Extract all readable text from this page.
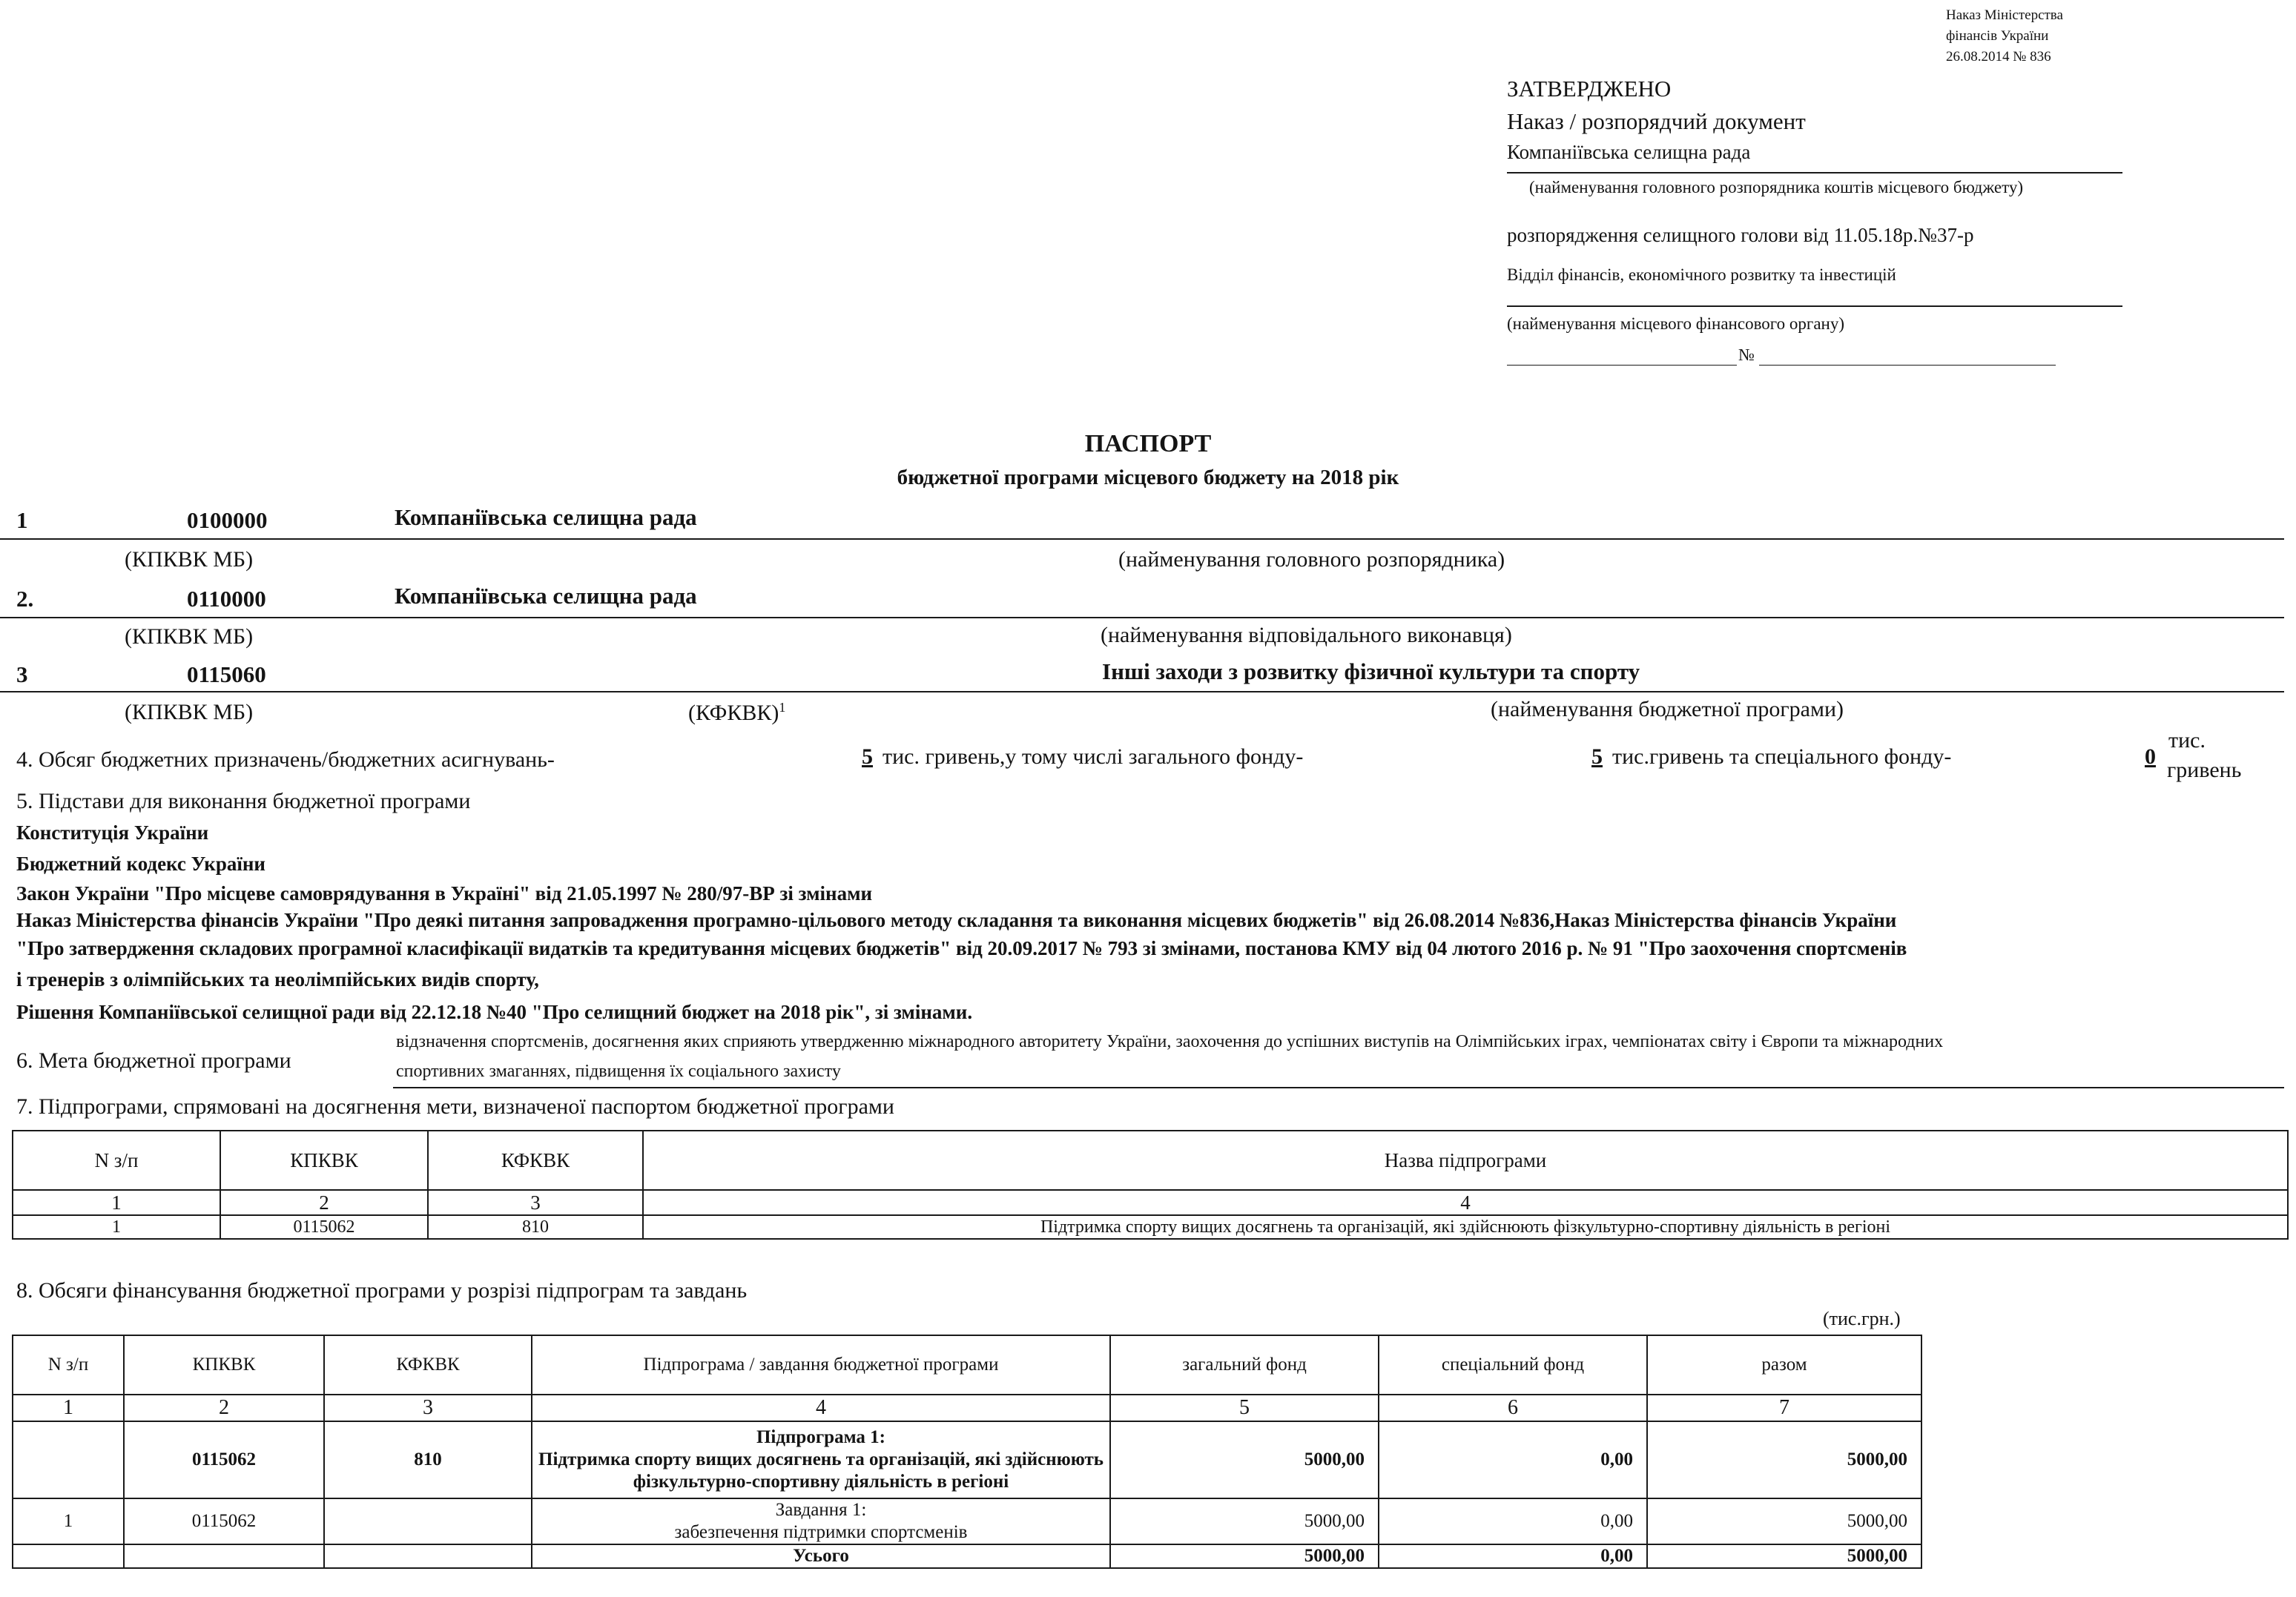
Наказ Міністерства
фінансів України
26.08.2014 № 836
ЗАТВЕРДЖЕНО
Наказ / розпорядчий документ
Компаніївська селищна рада
(найменування головного розпорядника коштів місцевого бюджету)
розпорядження селищного голови від 11.05.18р.№37-р
Відділ фінансів, економічного розвитку та інвестицій
(найменування місцевого фінансового органу)
№
ПАСПОРТ
бюджетної програми місцевого бюджету на 2018 рік
1	0100000	Компаніївська селищна рада
(КПКВК МБ)	(найменування головного розпорядника)
2.	0110000	Компаніївська селищна рада
(КПКВК МБ)	(найменування відповідального виконавця)
3	0115060	Інші заходи з розвитку фізичної культури та спорту
(КПКВК МБ)	(КФКВК)$^1$	(найменування бюджетної програми)
4. Обсяг бюджетних призначень/бюджетних асигнувань-	5 тис. гривень,у тому числі загального фонду-	5 тис.гривень та спеціального фонду-	0
тис.
гривень
5. Підстави для виконання бюджетної програми
Конституція України
Бюджетний кодекс України
Закон України "Про місцеве самоврядування в Україні" від 21.05.1997 № 280/97-ВР зі змінами
Наказ Міністерства фінансів України "Про деякі питання запровадження програмно-цільового методу складання та виконання місцевих бюджетів" від 26.08.2014 №836,Наказ Міністерства фінансів України
"Про затвердження складових програмної класифікації видатків та кредитування місцевих бюджетів" від 20.09.2017 № 793 зі змінами, постанова КМУ від 04 лютого 2016 р. № 91 "Про заохочення спортсменів
і тренерів з олімпійських та неолімпійських видів спорту,
Рішення Компаніївської селищної ради від 22.12.18 №40 "Про селищний бюджет на 2018 рік", зі змінами.
6. Мета бюджетної програми
відзначення спортсменів, досягнення яких сприяють утвердженню міжнародного авторитету України, заохочення до успішних виступів на Олімпійських іграх, чемпіонатах світу і Європи та міжнародних
спортивних змаганнях, підвищення їх соціального захисту
7. Підпрограми, спрямовані на досягнення мети, визначеної паспортом бюджетної програми
N з/п	КПКВК	КФКВК	Назва підпрограми
1	2	3	4
1	0115062	810	Підтримка спорту вищих досягнень та організацій, які здійснюють фізкультурно-спортивну діяльність в регіоні
8. Обсяги фінансування бюджетної програми у розрізі підпрограм та завдань
(тис.грн.)
N з/п	КПКВК	КФКВК	Підпрограма / завдання бюджетної програми	загальний фонд	спеціальний фонд	разом
1	2	3	4	5	6	7
	0115062	810	Підпрограма 1:
Підтримка спорту вищих досягнень та організацій, які здійснюють фізкультурно-спортивну діяльність в регіоні	5000,00	0,00	5000,00
1	0115062		Завдання 1:
забезпечення підтримки спортсменів	5000,00	0,00	5000,00
			Усього	5000,00	0,00	5000,00
